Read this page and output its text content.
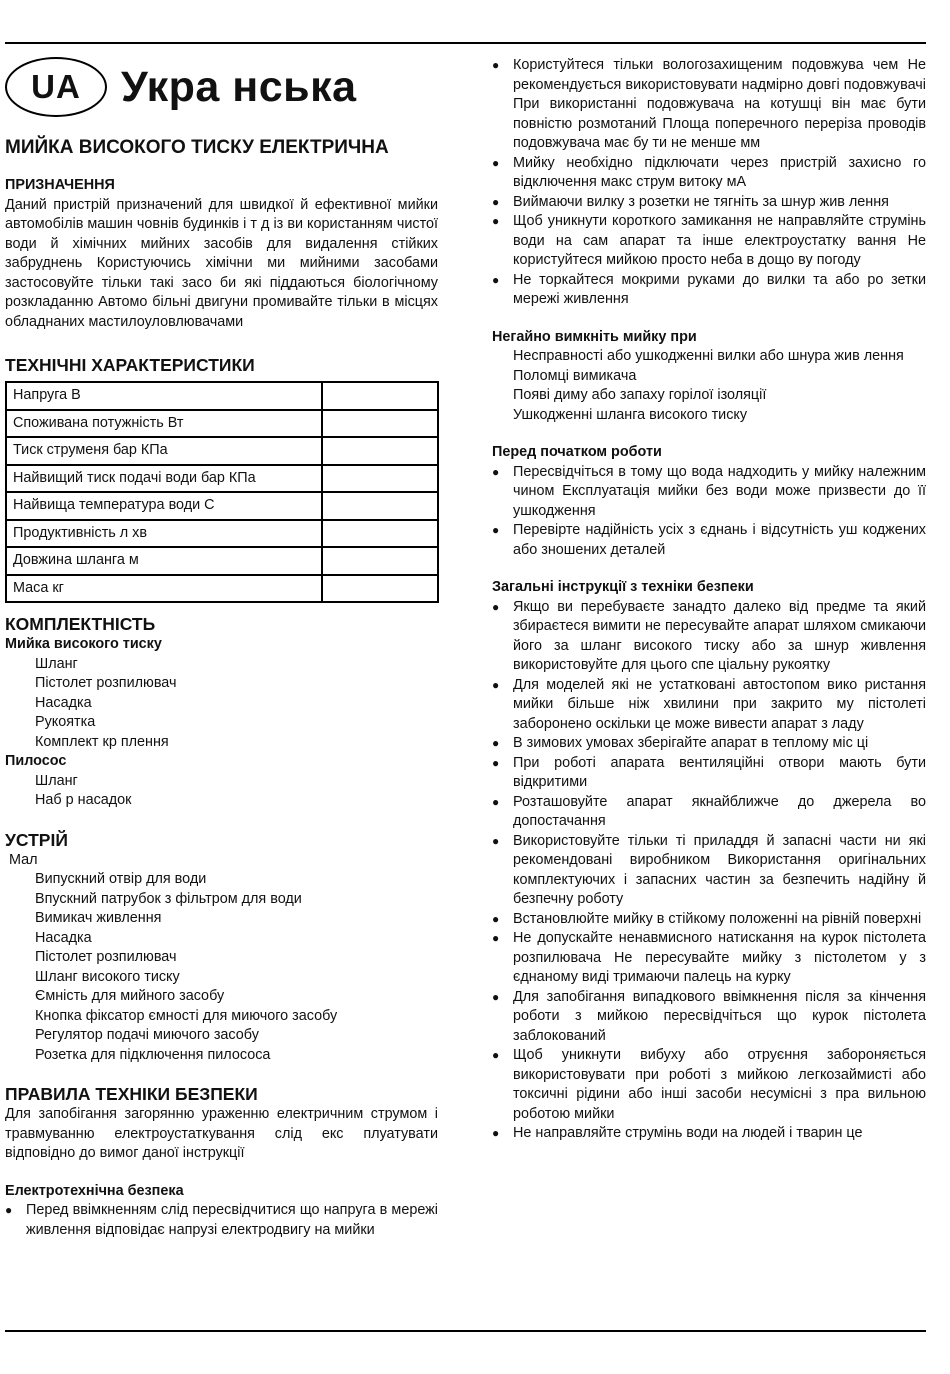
UA Укра нська
МИЙКА ВИСОКОГО ТИСКУ ЕЛЕКТРИЧНА
ПРИЗНАЧЕННЯ

Даний пристрій призначений для швидкої й ефективної мийки автомобілів машин човнів будинків і т д із ви користанням чистої води й хімічних мийних засобів для видалення стійких забруднень Користуючись хімічни ми мийними засобами застосовуйте тільки такі засо би які піддаються біологічному розкладанню Автомо більні двигуни промивайте тільки в місцях обладнаних мастилоуловлювачами

ТЕХНІЧНІ ХАРАКТЕРИСТИКИ
Напруга В	
Споживана потужність Вт	
Тиск струменя бар КПа	
Найвищий тиск подачі води бар КПа	
Найвища температура води С	
Продуктивність л хв	
Довжина шланга м	
Маса кг	
КОМПЛЕКТНІСТЬ
Мийка високого тиску
Шланг
Пістолет розпилювач
Насадка
Рукоятка
Комплект кр плення
Пилосос
Шланг
Наб р насадок
УСТРІЙ
Мал
Випускний отвір для води
Впускний патрубок з фільтром для води
Вимикач живлення
Насадка
Пістолет розпилювач
Шланг високого тиску
Ємність для мийного засобу
Кнопка фіксатор ємності для миючого засобу
Регулятор подачі миючого засобу
Розетка для підключення пилососа
ПРАВИЛА ТЕХНІКИ БЕЗПЕКИ

Для запобігання загорянню ураженню електричним струмом і травмуванню електроустаткування слід екс плуатувати відповідно до вимог даної інструкції

Електротехнічна безпека
● Перед ввімкненням слід пересвідчитися що напруга в мережі живлення відповідає напрузі електродвигу на мийки
● Користуйтеся тільки вологозахищеним подовжува чем Не рекомендується використовувати надмірно довгі подовжувачі При використанні подовжувача на котушці він має бути повністю розмотаний Площа поперечного переріза проводів подовжувача має бу ти не менше мм
● Мийку необхідно підключати через пристрій захисно го відключення макс струм витоку мА
● Виймаючи вилку з розетки не тягніть за шнур жив лення
● Щоб уникнути короткого замикання не направляйте струмінь води на сам апарат та інше електроустатку вання Не користуйтеся мийкою просто неба в дощо ву погоду
● Не торкайтеся мокрими руками до вилки та або ро зетки мережі живлення
Негайно вимкніть мийку при
Несправності або ушкодженні вилки або шнура жив лення
Поломці вимикача
Появі диму або запаху горілої ізоляції
Ушкодженні шланга високого тиску
Перед початком роботи
● Пересвідчіться в тому що вода надходить у мийку належним чином Експлуатація мийки без води може призвести до її ушкодження
● Перевірте надійність усіх з єднань і відсутність уш коджених або зношених деталей
Загальні інструкції з техніки безпеки
● Якщо ви перебуваєте занадто далеко від предме та який збираєтеся вимити не пересувайте апарат шляхом смикаючи його за шланг високого тиску або за шнур живлення використовуйте для цього спе ціальну рукоятку
● Для моделей які не устатковані автостопом вико ристання мийки більше ніж хвилини при закрито му пістолеті заборонено оскільки це може вивести апарат з ладу
● В зимових умовах зберігайте апарат в теплому міс ці
● При роботі апарата вентиляційні отвори мають бути відкритими
● Розташовуйте апарат якнайближче до джерела во допостачання
● Використовуйте тільки ті приладдя й запасні части ни які рекомендовані виробником Використання оригінальних комплектуючих і запасних частин за безпечить надійну й безпечну роботу
● Встановлюйте мийку в стійкому положенні на рівній поверхні
● Не допускайте ненавмисного натискання на курок пістолета розпилювача Не пересувайте мийку з пістолетом у з єднаному виді тримаючи палець на курку
● Для запобігання випадкового ввімкнення після за кінчення роботи з мийкою пересвідчіться що курок пістолета заблокований
● Щоб уникнути вибуху або отруєння забороняється використовувати при роботі з мийкою легкозаймисті або токсичні рідини або інші засоби несумісні з пра вильною роботою мийки
● Не направляйте струмінь води на людей і тварин це
